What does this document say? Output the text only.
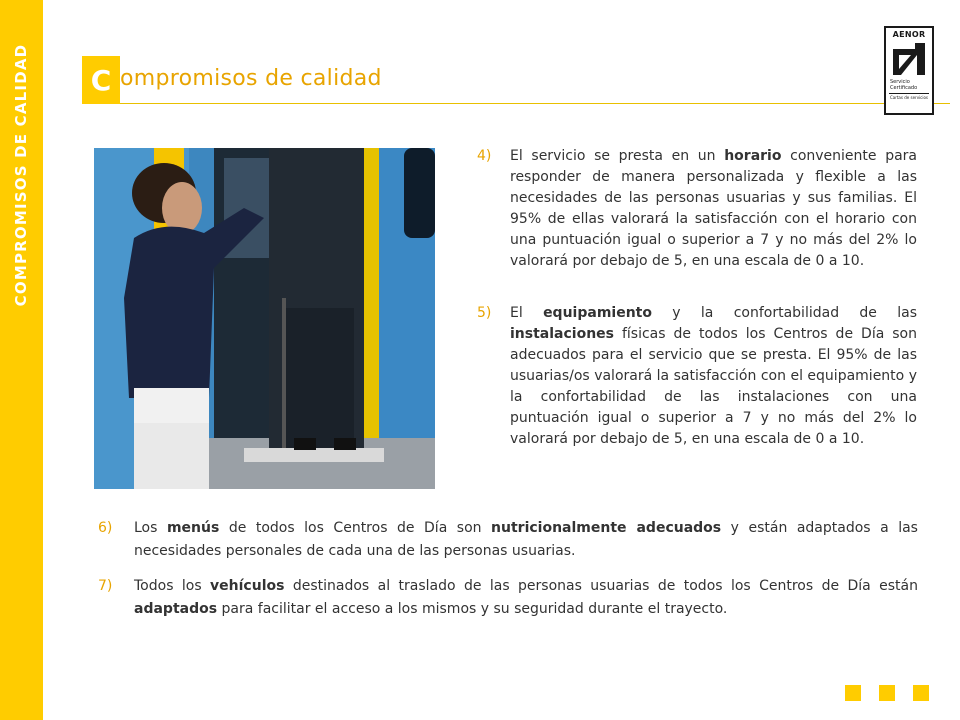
COMPROMISOS DE CALIDAD	C ompromisos de calidad
AENOR
Servicio
Certificado
Cartas de servicios
4) El servicio se presta en un horario conveniente para responder de manera personalizada y flexible a las necesidades de las personas usuarias y sus familias. El 95% de ellas valorará la satisfacción con el horario con una puntuación igual o superior a 7 y no más del 2% lo valorará por debajo de 5, en una escala de 0 a 10.
5) El equipamiento y la confortabilidad de las instalaciones físicas de todos los Centros de Día son adecuados para el servicio que se presta. El 95% de las usuarias/os valorará la satisfacción con el equipamiento y la confortabilidad de las instalaciones con una puntuación igual o superior a 7 y no más del 2% lo valorará por debajo de 5, en una escala de 0 a 10.
6) Los menús de todos los Centros de Día son nutricionalmente adecuados y están adaptados a las necesidades personales de cada una de las personas usuarias.
7) Todos los vehículos destinados al traslado de las personas usuarias de todos los Centros de Día están adaptados para facilitar el acceso a los mismos y su seguridad durante el trayecto.
